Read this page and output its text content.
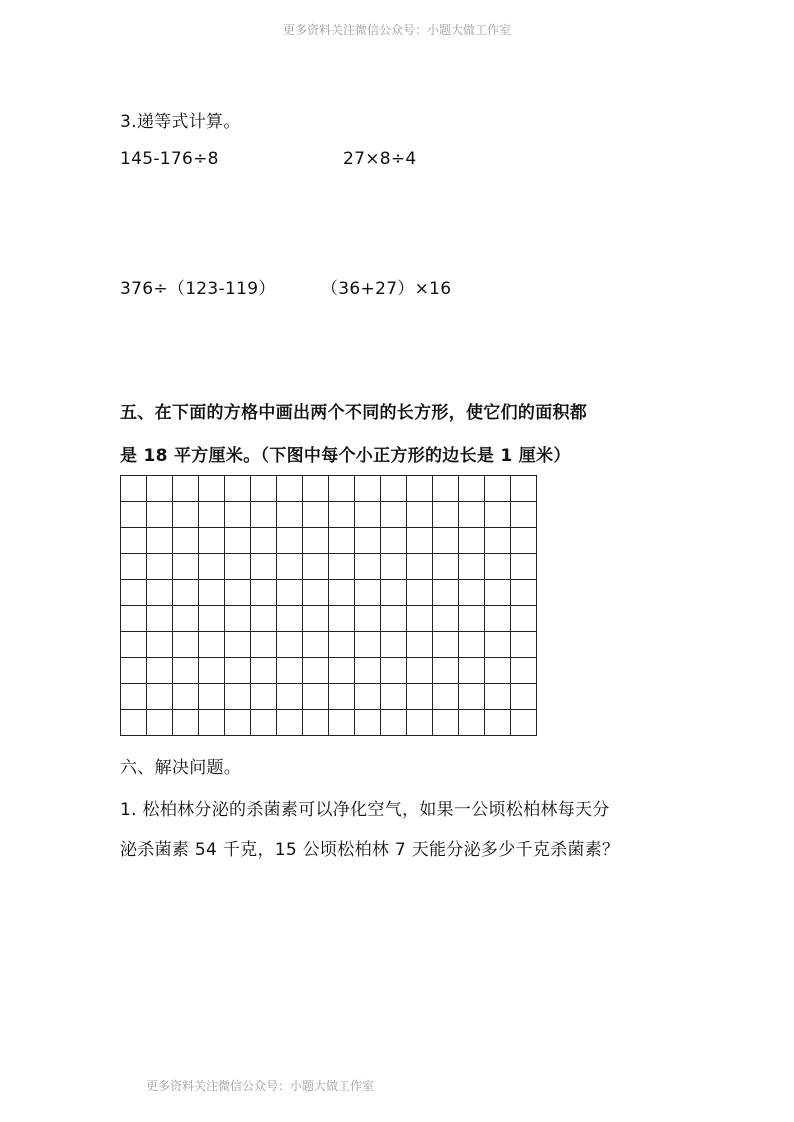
更多资料关注微信公众号：小题大做工作室
3.递等式计算。
145-176÷8	27×8÷4
376÷（123-119）	（36+27）×16
五、在下面的方格中画出两个不同的长方形，使它们的面积都
是 18 平方厘米。（下图中每个小正方形的边长是 1 厘米）
六、解决问题。
1. 松柏林分泌的杀菌素可以净化空气，如果一公顷松柏林每天分
泌杀菌素 54 千克，15 公顷松柏林 7 天能分泌多少千克杀菌素？
更多资料关注微信公众号：小题大做工作室
